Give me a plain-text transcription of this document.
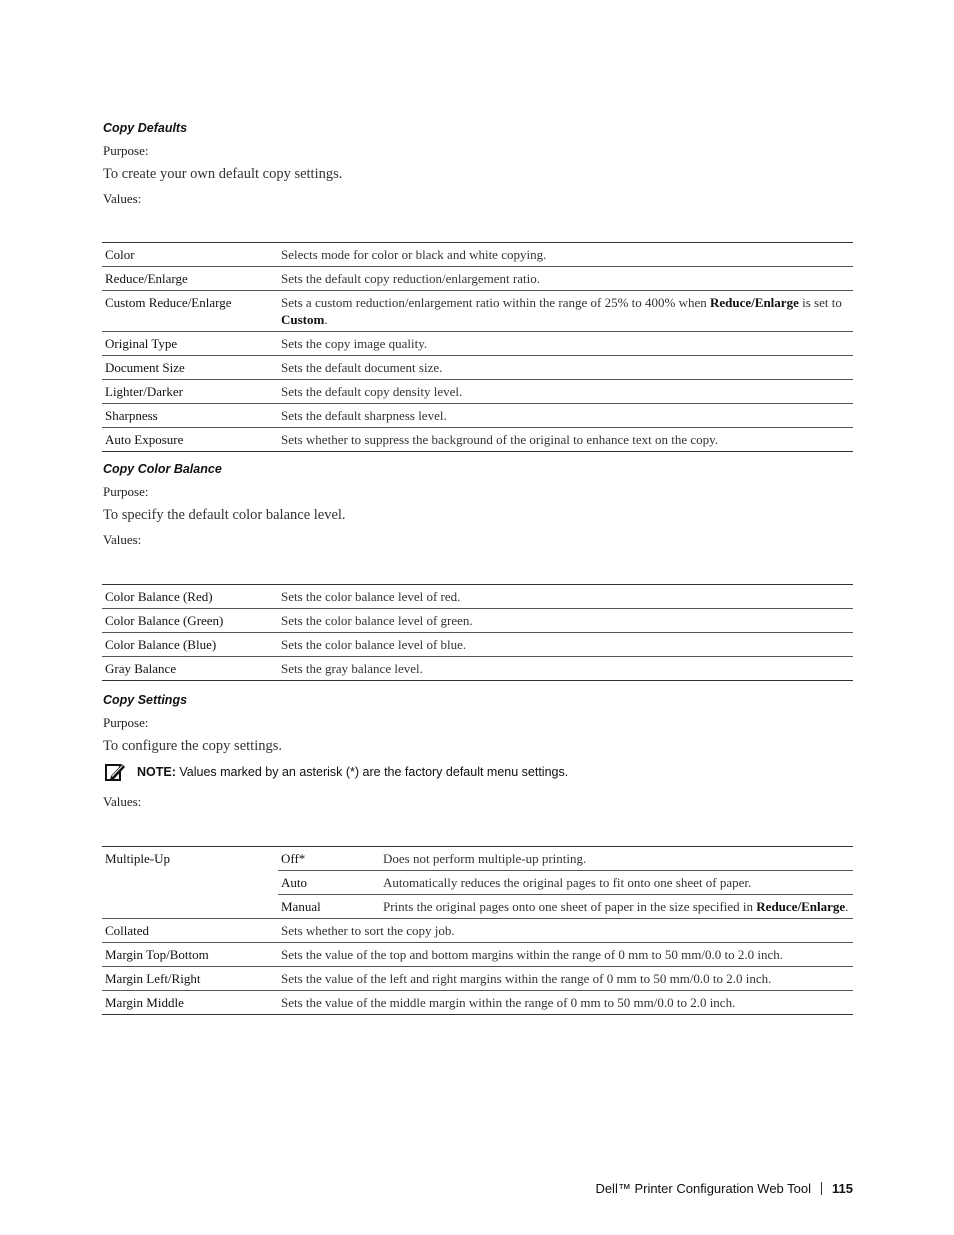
Copy Defaults
Purpose:
To create your own default copy settings.
Values:
Color	Selects mode for color or black and white copying.
Reduce/Enlarge	Sets the default copy reduction/enlargement ratio.
Custom Reduce/Enlarge	Sets a custom reduction/enlargement ratio within the range of 25% to 400% when Reduce/Enlarge is set to Custom.
Original Type	Sets the copy image quality.
Document Size	Sets the default document size.
Lighter/Darker	Sets the default copy density level.
Sharpness	Sets the default sharpness level.
Auto Exposure	Sets whether to suppress the background of the original to enhance text on the copy.
Copy Color Balance
Purpose:
To specify the default color balance level.
Values:
Color Balance (Red)	Sets the color balance level of red.
Color Balance (Green)	Sets the color balance level of green.
Color Balance (Blue)	Sets the color balance level of blue.
Gray Balance	Sets the gray balance level.
Copy Settings
Purpose:
To configure the copy settings.
NOTE: Values marked by an asterisk (*) are the factory default menu settings.
Values:
Multiple-Up	Off*	Does not perform multiple-up printing.
	Auto	Automatically reduces the original pages to fit onto one sheet of paper.
	Manual	Prints the original pages onto one sheet of paper in the size specified in Reduce/Enlarge.
Collated	Sets whether to sort the copy job.	
Margin Top/Bottom	Sets the value of the top and bottom margins within the range of 0 mm to 50 mm/0.0 to 2.0 inch.	
Margin Left/Right	Sets the value of the left and right margins within the range of 0 mm to 50 mm/0.0 to 2.0 inch.	
Margin Middle	Sets the value of the middle margin within the range of 0 mm to 50 mm/0.0 to 2.0 inch.	
Dell™ Printer Configuration Web Tool 115
